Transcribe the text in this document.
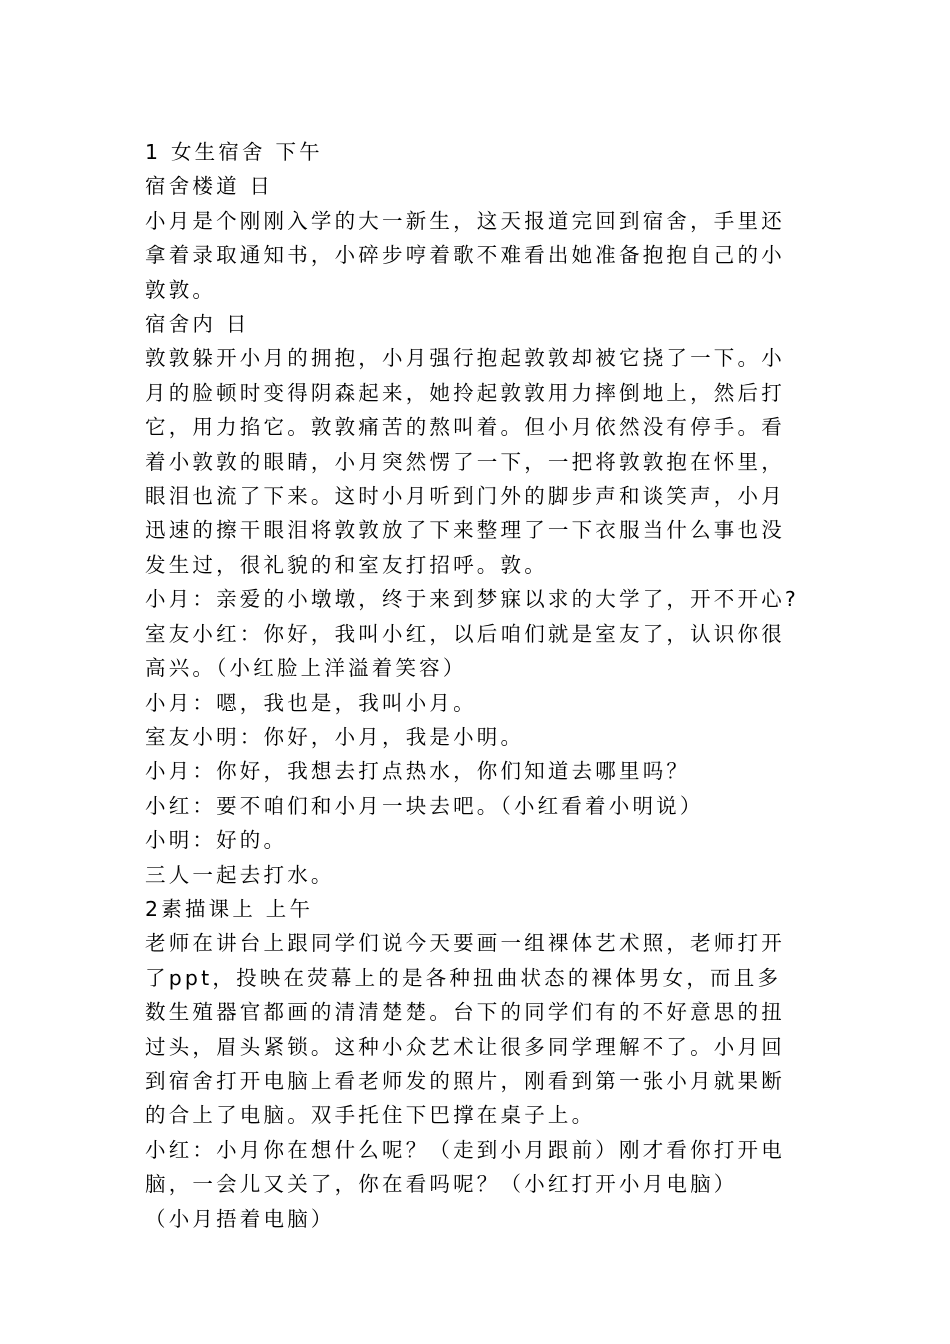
1 女生宿舍 下午
宿舍楼道 日
小月是个刚刚入学的大一新生，这天报道完回到宿舍，手里还
拿着录取通知书，小碎步哼着歌不难看出她准备抱抱自己的小
敦敦。
宿舍内 日
敦敦躲开小月的拥抱，小月强行抱起敦敦却被它挠了一下。小
月的脸顿时变得阴森起来，她拎起敦敦用力摔倒地上，然后打
它，用力掐它。敦敦痛苦的熬叫着。但小月依然没有停手。看
着小敦敦的眼睛，小月突然愣了一下，一把将敦敦抱在怀里，
眼泪也流了下来。这时小月听到门外的脚步声和谈笑声，小月
迅速的擦干眼泪将敦敦放了下来整理了一下衣服当什么事也没
发生过，很礼貌的和室友打招呼。敦。
小月：亲爱的小墩墩，终于来到梦寐以求的大学了，开不开心?
室友小红：你好，我叫小红，以后咱们就是室友了，认识你很
高兴。（小红脸上洋溢着笑容）
小月：嗯，我也是，我叫小月。
室友小明：你好，小月，我是小明。
小月：你好，我想去打点热水，你们知道去哪里吗？
小红：要不咱们和小月一块去吧。（小红看着小明说）
小明：好的。
三人一起去打水。
2素描课上 上午
老师在讲台上跟同学们说今天要画一组裸体艺术照，老师打开
了ppt，投映在荧幕上的是各种扭曲状态的裸体男女，而且多
数生殖器官都画的清清楚楚。台下的同学们有的不好意思的扭
过头，眉头紧锁。这种小众艺术让很多同学理解不了。小月回
到宿舍打开电脑上看老师发的照片，刚看到第一张小月就果断
的合上了电脑。双手托住下巴撑在桌子上。
小红：小月你在想什么呢？（走到小月跟前）刚才看你打开电
脑，一会儿又关了，你在看吗呢？（小红打开小月电脑）
（小月捂着电脑）
